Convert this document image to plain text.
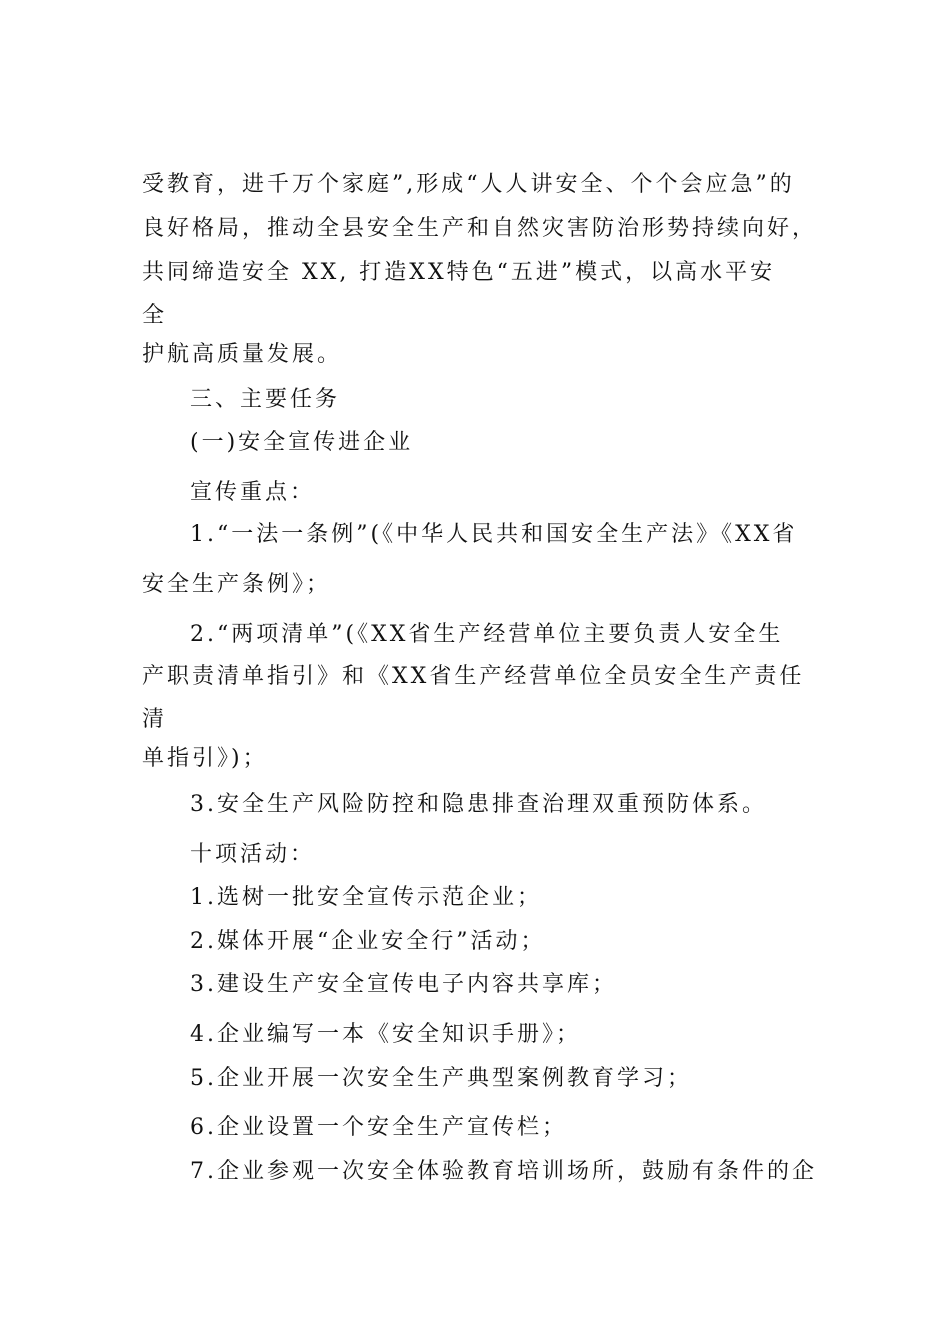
受教育，进千万个家庭”,形成“人人讲安全、个个会应急”的
良好格局，推动全县安全生产和自然灾害防治形势持续向好，
共同缔造安全 XX, 打造XX特色“五进”模式，以高水平安
全
护航高质量发展。
三、主要任务
(一)安全宣传进企业
宣传重点：
1.“一法一条例”(《中华人民共和国安全生产法》《XX省
安全生产条例》；
2.“两项清单”(《XX省生产经营单位主要负责人安全生
产职责清单指引》和《XX省生产经营单位全员安全生产责任
清
单指引》)；
3.安全生产风险防控和隐患排查治理双重预防体系。
十项活动：
1.选树一批安全宣传示范企业；
2.媒体开展“企业安全行”活动；
3.建设生产安全宣传电子内容共享库；
4.企业编写一本《安全知识手册》；
5.企业开展一次安全生产典型案例教育学习；
6.企业设置一个安全生产宣传栏；
7.企业参观一次安全体验教育培训场所，鼓励有条件的企
